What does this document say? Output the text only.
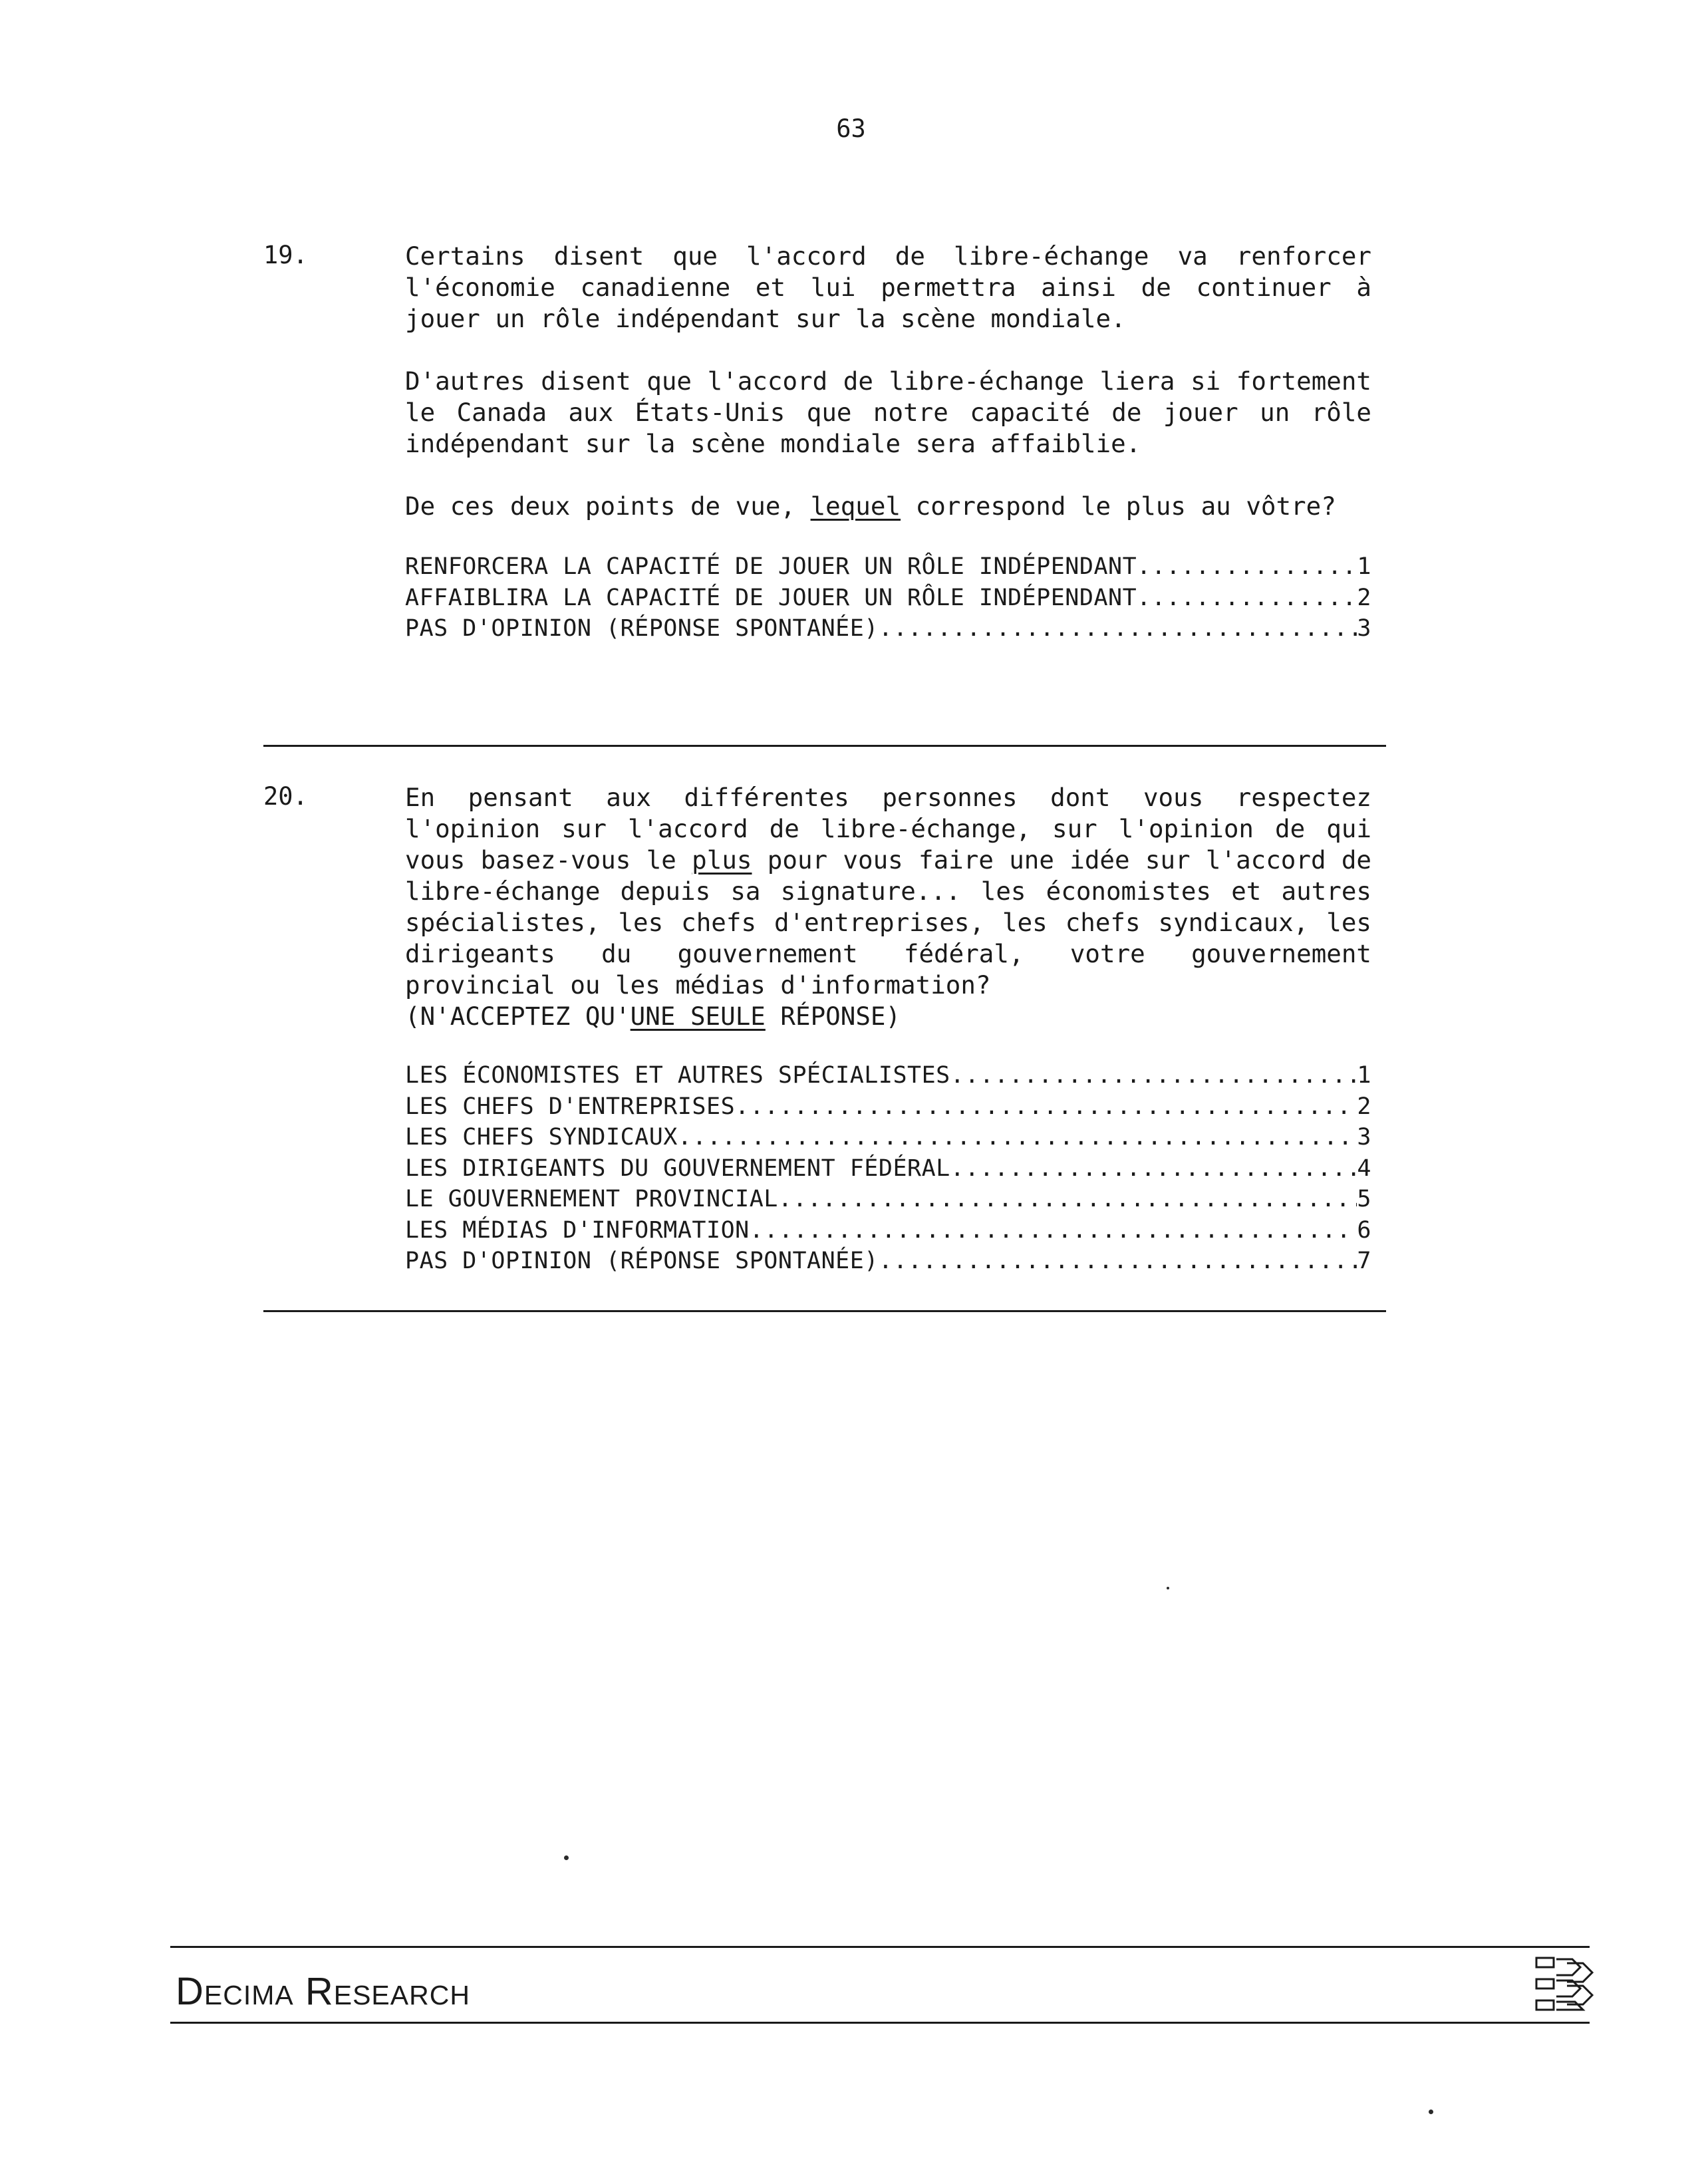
63
19.	Certains disent que l'accord de libre-échange va renforcer l'économie canadienne et lui permettra ainsi de continuer à jouer un rôle indépendant sur la scène mondiale.

D'autres disent que l'accord de libre-échange liera si fortement le Canada aux États-Unis que notre capacité de jouer un rôle indépendant sur la scène mondiale sera affaiblie.

De ces deux points de vue, lequel correspond le plus au vôtre?

RENFORCERA LA CAPACITÉ DE JOUER UN RÔLE INDÉPENDANT .....	1
AFFAIBLIRA LA CAPACITÉ DE JOUER UN RÔLE INDÉPENDANT .....	2
PAS D'OPINION (RÉPONSE SPONTANÉE) .....	3
20.	En pensant aux différentes personnes dont vous respectez l'opinion sur l'accord de libre-échange, sur l'opinion de qui vous basez-vous le plus pour vous faire une idée sur l'accord de libre-échange depuis sa signature... les économistes et autres spécialistes, les chefs d'entreprises, les chefs syndicaux, les dirigeants du gouvernement fédéral, votre gouvernement provincial ou les médias d'information?

(N'ACCEPTEZ QU'UNE SEULE RÉPONSE)

LES ÉCONOMISTES ET AUTRES SPÉCIALISTES .....	1
LES CHEFS D'ENTREPRISES .....	2
LES CHEFS SYNDICAUX .....	3
LES DIRIGEANTS DU GOUVERNEMENT FÉDÉRAL .....	4
LE GOUVERNEMENT PROVINCIAL .....	5
LES MÉDIAS D'INFORMATION .....	6
PAS D'OPINION (RÉPONSE SPONTANÉE) .....	7
Decima Research
